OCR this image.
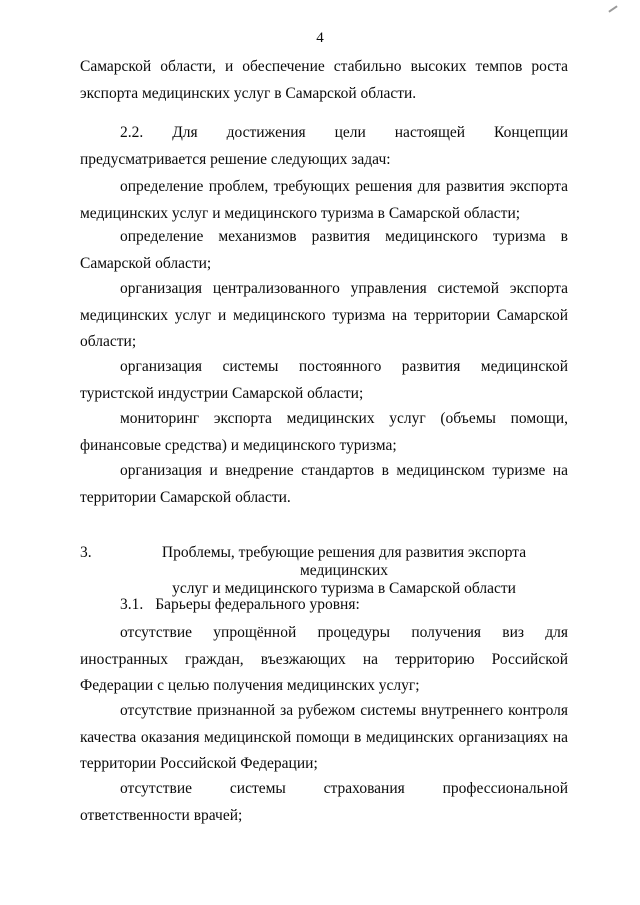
4

Самарской области, и обеспечение стабильно высоких темпов роста экспорта медицинских услуг в Самарской области.

2.2. Для достижения цели настоящей Концепции предусматривается решение следующих задач:

определение проблем, требующих решения для развития экспорта медицинских услуг и медицинского туризма в Самарской области;

определение механизмов развития медицинского туризма в Самарской области;

организация централизованного управления системой экспорта медицинских услуг и медицинского туризма на территории Самарской области;

организация системы постоянного развития медицинской туристской индустрии Самарской области;

мониторинг экспорта медицинских услуг (объемы помощи, финансовые средства) и медицинского туризма;

организация и внедрение стандартов в медицинском туризме на территории Самарской области.

3.	Проблемы, требующие решения для развития экспорта медицинских
услуг и медицинского туризма в Самарской области
3.1. Барьеры федерального уровня:

отсутствие упрощённой процедуры получения виз для иностранных граждан, въезжающих на территорию Российской Федерации с целью получения медицинских услуг;

отсутствие признанной за рубежом системы внутреннего контроля качества оказания медицинской помощи в медицинских организациях на территории Российской Федерации;

отсутствие системы страхования профессиональной ответственности врачей;
